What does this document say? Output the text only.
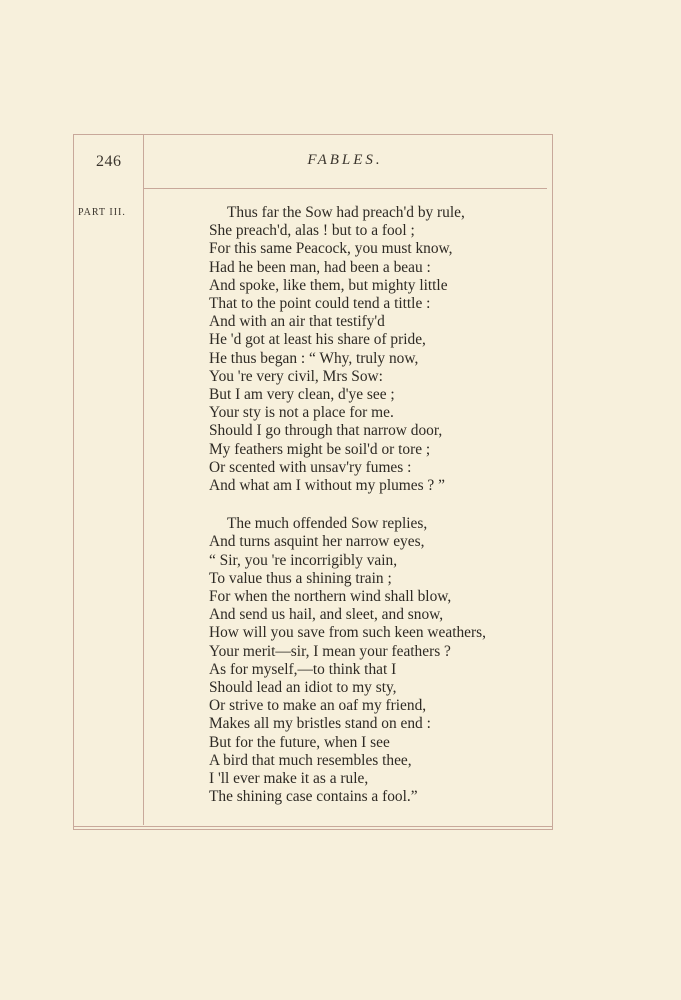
246	FABLES.
PART III.	Thus far the Sow had preach'd by rule,
She preach'd, alas ! but to a fool ;
For this same Peacock, you must know,
Had he been man, had been a beau :
And spoke, like them, but mighty little
That to the point could tend a tittle :
And with an air that testify'd
He 'd got at least his share of pride,
He thus began : “ Why, truly now,
You 're very civil, Mrs Sow:
But I am very clean, d'ye see ;
Your sty is not a place for me.
Should I go through that narrow door,
My feathers might be soil'd or tore ;
Or scented with unsav'ry fumes :
And what am I without my plumes ? ”
The much offended Sow replies,
And turns asquint her narrow eyes,
“ Sir, you 're incorrigibly vain,
To value thus a shining train ;
For when the northern wind shall blow,
And send us hail, and sleet, and snow,
How will you save from such keen weathers,
Your merit—sir, I mean your feathers ?
As for myself,—to think that I
Should lead an idiot to my sty,
Or strive to make an oaf my friend,
Makes all my bristles stand on end :
But for the future, when I see
A bird that much resembles thee,
I 'll ever make it as a rule,
The shining case contains a fool.”
